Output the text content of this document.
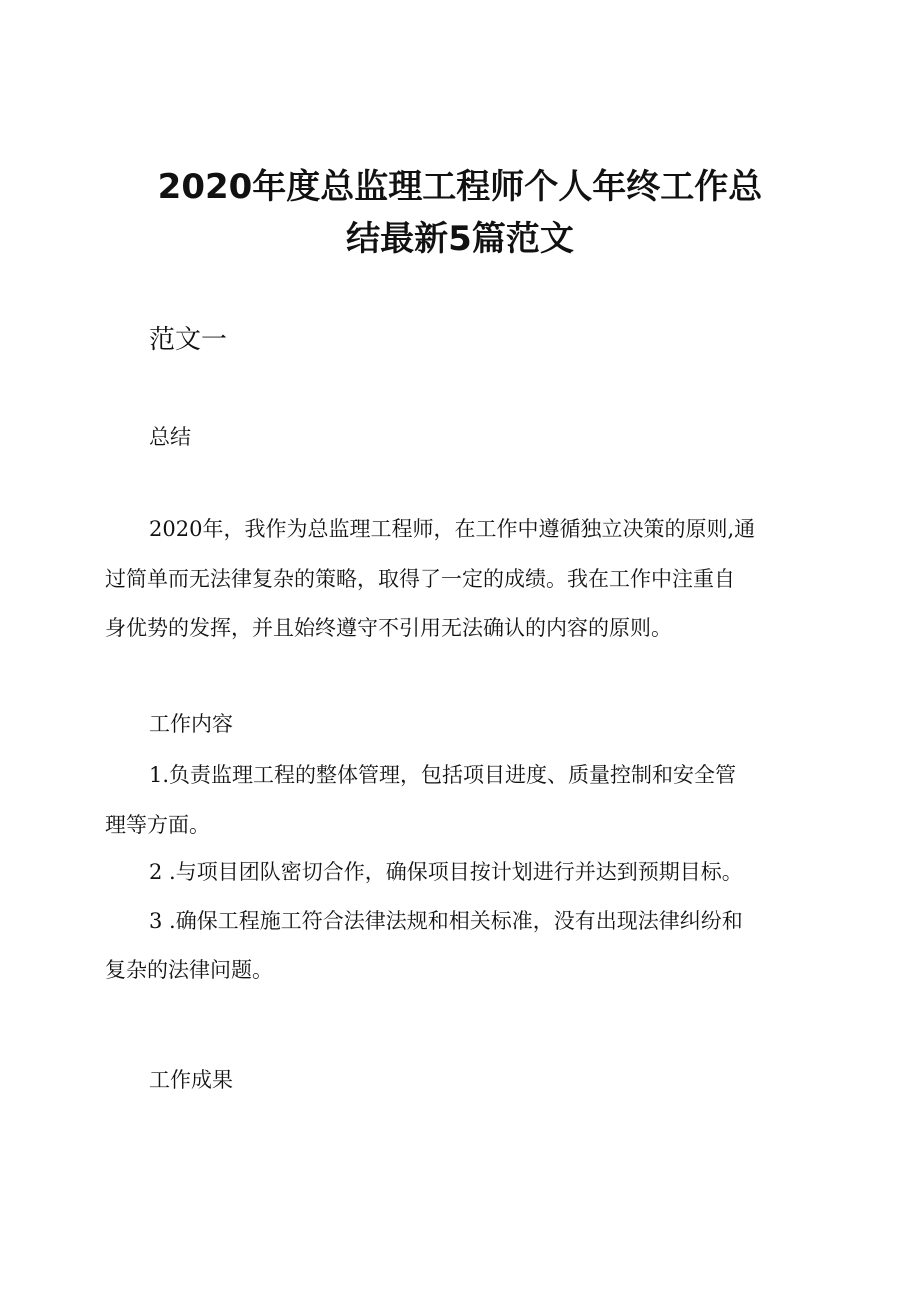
2020年度总监理工程师个人年终工作总
结最新5篇范文
范文一
总结
2020年，我作为总监理工程师，在工作中遵循独立决策的原则,通
过简单而无法律复杂的策略，取得了一定的成绩。我在工作中注重自
身优势的发挥，并且始终遵守不引用无法确认的内容的原则。
工作内容
1.负责监理工程的整体管理，包括项目进度、质量控制和安全管
理等方面。
2 .与项目团队密切合作，确保项目按计划进行并达到预期目标。
3 .确保工程施工符合法律法规和相关标准，没有出现法律纠纷和
复杂的法律问题。
工作成果
